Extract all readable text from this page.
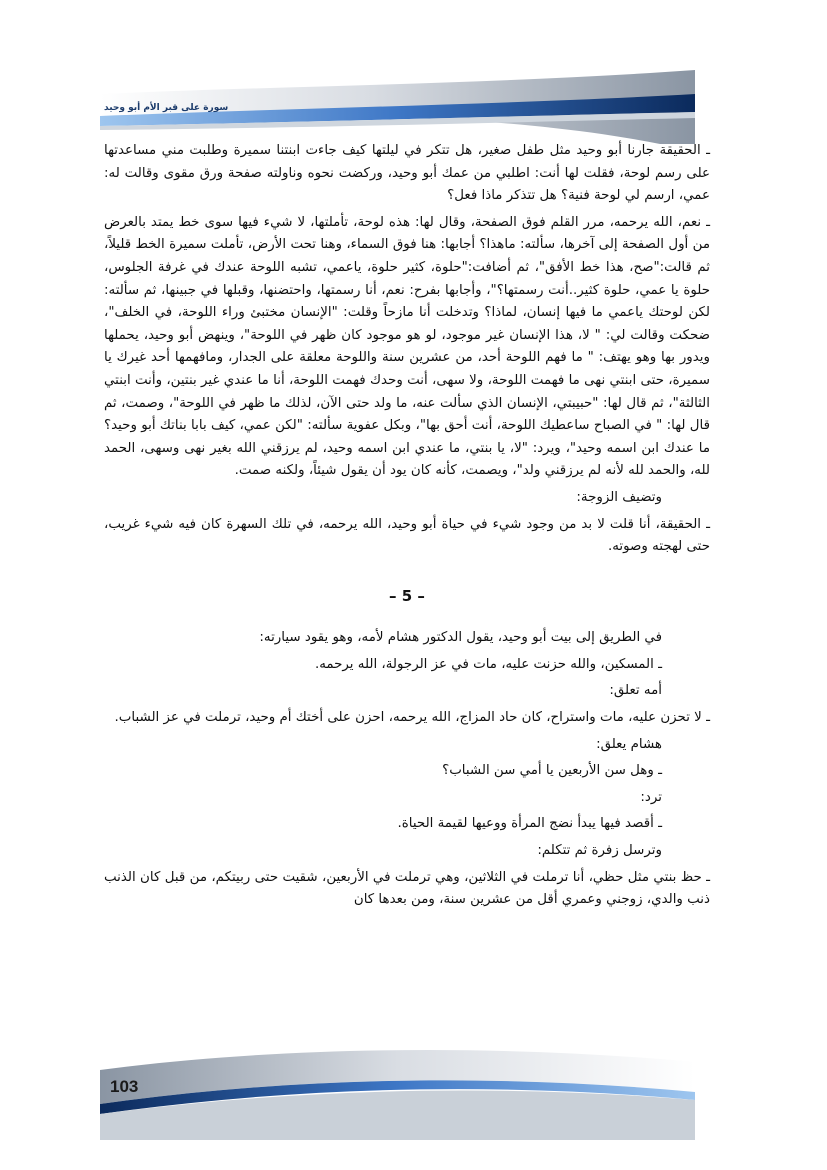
سورة على قبر الأم أبو وحيد

ـ الحقيقة جارنا أبو وحيد مثل طفل صغير، هل تتكر في ليلتها كيف جاءت ابنتنا سميرة وطلبت مني مساعدتها على رسم لوحة، فقلت لها أنت: اطلبي من عمك أبو وحيد، وركضت نحوه وناولته صفحة ورق مقوى وقالت له: عمي، ارسم لي لوحة فنية؟ هل تتذكر ماذا فعل؟

ـ نعم، الله يرحمه، مرر القلم فوق الصفحة، وقال لها: هذه لوحة، تأملتها، لا شيء فيها سوى خط يمتد بالعرض من أول الصفحة إلى آخرها، سألته: ماهذا؟ أجابها: هنا فوق السماء، وهنا تحت الأرض، تأملت سميرة الخط قليلاً، ثم قالت:"صح، هذا خط الأفق"، ثم أضافت:"حلوة، كثير حلوة، ياعمي، تشبه اللوحة عندك في غرفة الجلوس، حلوة يا عمي، حلوة كثير..أنت رسمتها؟"، وأجابها بفرح: نعم، أنا رسمتها، واحتضنها، وقبلها في جبينها، ثم سألته: لكن لوحتك ياعمي ما فيها إنسان، لماذا؟ وتدخلت أنا مازحاً وقلت: "الإنسان مختبئ وراء اللوحة، في الخلف"، ضحكت وقالت لي: " لا، هذا الإنسان غير موجود، لو هو موجود كان ظهر في اللوحة"، وينهض أبو وحيد، يحملها ويدور بها وهو يهتف: " ما فهم اللوحة أحد، من عشرين سنة واللوحة معلقة على الجدار، ومافهمها أحد غيرك يا سميرة، حتى ابنتي نهى ما فهمت اللوحة، ولا سهى، أنت وحدك فهمت اللوحة، أنا ما عندي غير بنتين، وأنت ابنتي الثالثة"، ثم قال لها: "حبيبتي، الإنسان الذي سألت عنه، ما ولد حتى الآن، لذلك ما ظهر في اللوحة"، وصمت، ثم قال لها: " في الصباح ساعطيك اللوحة، أنت أحق بها"، وبكل عفوية سألته: "لكن عمي، كيف بابا بناتك أبو وحيد؟ ما عندك ابن اسمه وحيد"، ويرد: "لا، يا بنتي، ما عندي ابن اسمه وحيد، لم يرزقني الله بغير نهى وسهى، الحمد لله، والحمد لله لأنه لم يرزقني ولد"، ويصمت، كأنه كان يود أن يقول شيئاً، ولكنه صمت.

وتضيف الزوجة:

ـ الحقيقة، أنا قلت لا بد من وجود شيء في حياة أبو وحيد، الله يرحمه، في تلك السهرة كان فيه شيء غريب، حتى لهجته وصوته.

– 5 –

في الطريق إلى بيت أبو وحيد، يقول الدكتور هشام لأمه، وهو يقود سيارته:

ـ المسكين، والله حزنت عليه، مات في عز الرجولة، الله يرحمه.

أمه تعلق:

ـ لا تحزن عليه، مات واستراح، كان حاد المزاج، الله يرحمه، احزن على أختك أم وحيد، ترملت في عز الشباب.

هشام يعلق:

ـ وهل سن الأربعين يا أمي سن الشباب؟

ترد:

ـ أقصد فيها يبدأ نضج المرأة ووعيها لقيمة الحياة.

وترسل زفرة ثم تتكلم:

ـ حظ بنتي مثل حظي، أنا ترملت في الثلاثين، وهي ترملت في الأربعين، شقيت حتى ربيتكم، من قبل كان الذنب ذنب والدي، زوجني وعمري أقل من عشرين سنة، ومن بعدها كان

103
